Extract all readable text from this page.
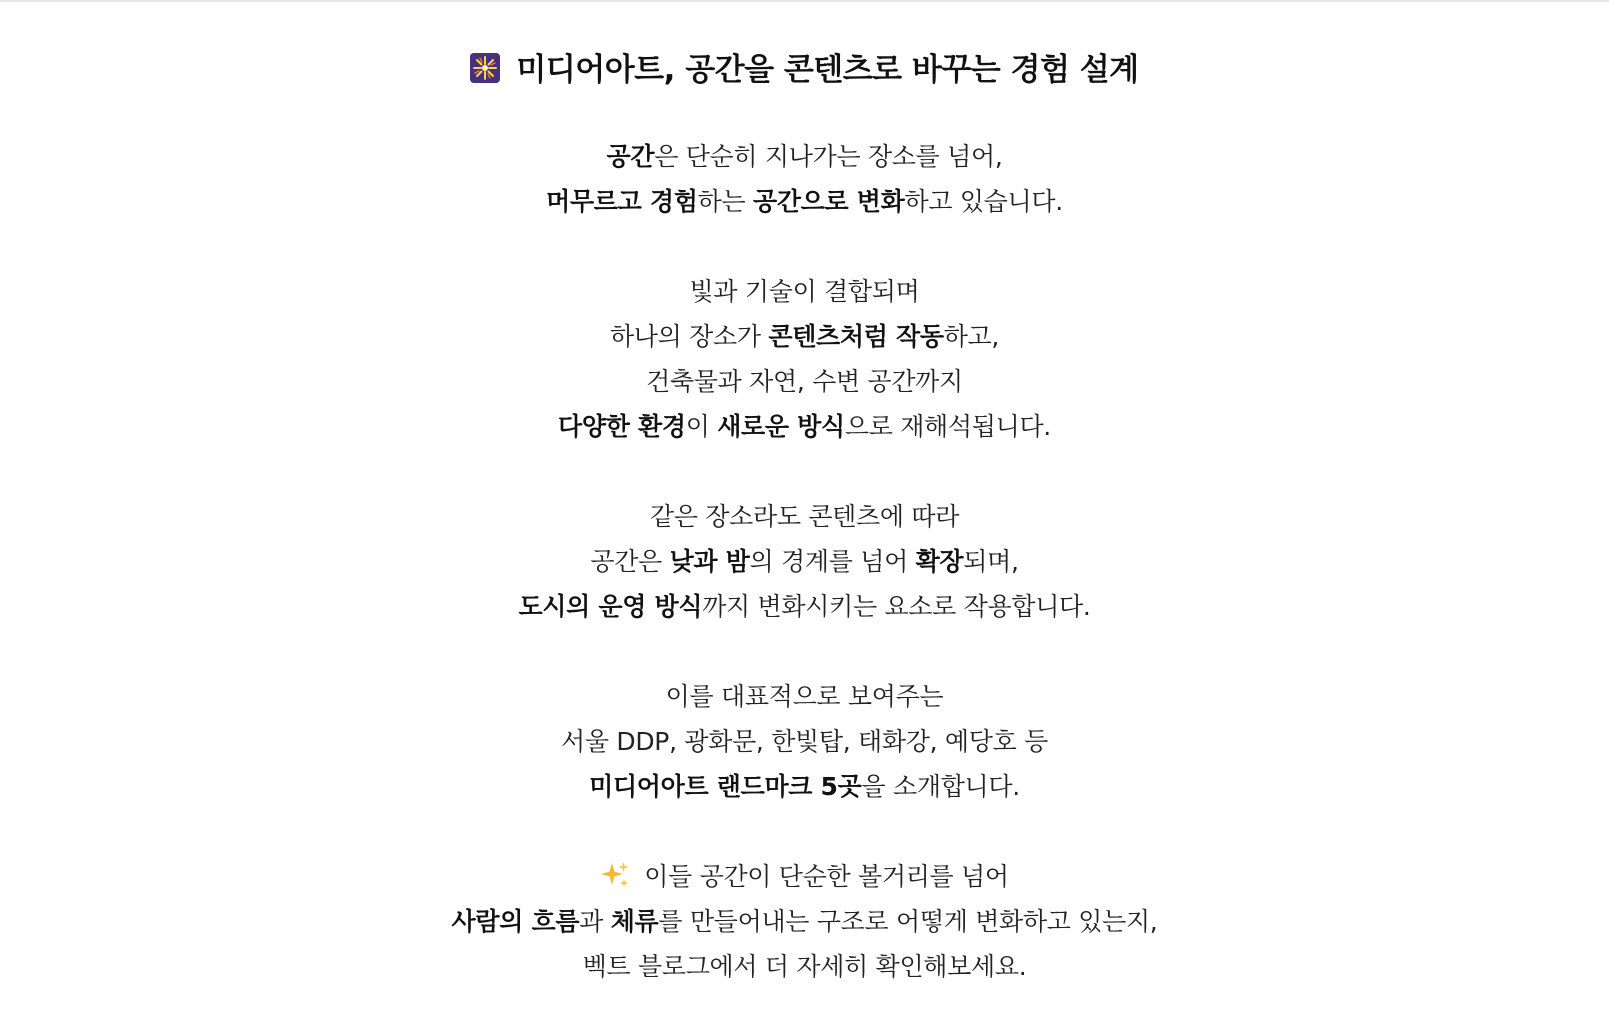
미디어아트, 공간을 콘텐츠로 바꾸는 경험 설계

공간은 단순히 지나가는 장소를 넘어,
머무르고 경험하는 공간으로 변화하고 있습니다.

빛과 기술이 결합되며
하나의 장소가 콘텐츠처럼 작동하고,
건축물과 자연, 수변 공간까지
다양한 환경이 새로운 방식으로 재해석됩니다.

같은 장소라도 콘텐츠에 따라
공간은 낮과 밤의 경계를 넘어 확장되며,
도시의 운영 방식까지 변화시키는 요소로 작용합니다.

이를 대표적으로 보여주는
서울 DDP, 광화문, 한빛탑, 태화강, 예당호 등
미디어아트 랜드마크 5곳을 소개합니다.

이들 공간이 단순한 볼거리를 넘어
사람의 흐름과 체류를 만들어내는 구조로 어떻게 변화하고 있는지,
벡트 블로그에서 더 자세히 확인해보세요.
